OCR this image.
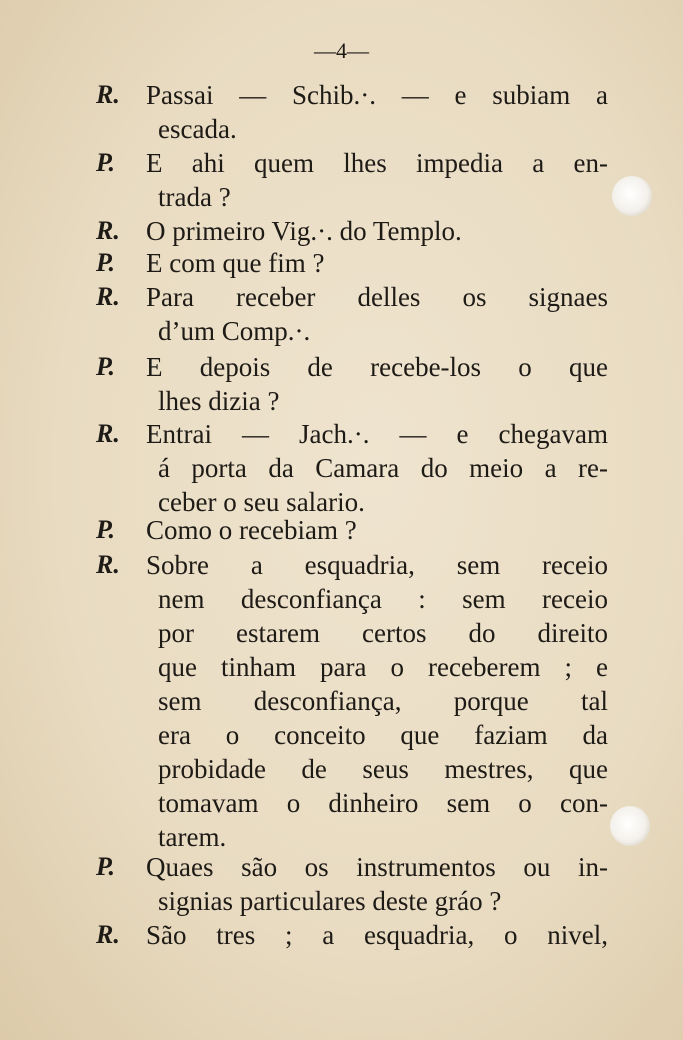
—4—
R. Passai — Schib.·. — e subiam a
escada.
P. E ahi quem lhes impedia a en-
trada ?
R. O primeiro Vig.·. do Templo.
P. E com que fim ?
R. Para receber delles os signaes
d’um Comp.·.
P. E depois de recebe-los o que
lhes dizia ?
R. Entrai — Jach.·. — e chegavam
á porta da Camara do meio a re-
ceber o seu salario.
P. Como o recebiam ?
R. Sobre a esquadria, sem receio
nem desconfiança : sem receio
por estarem certos do direito
que tinham para o receberem ; e
sem desconfiança, porque tal
era o conceito que faziam da
probidade de seus mestres, que
tomavam o dinheiro sem o con-
tarem.
P. Quaes são os instrumentos ou in-
signias particulares deste gráo ?
R. São tres ; a esquadria, o nivel,
